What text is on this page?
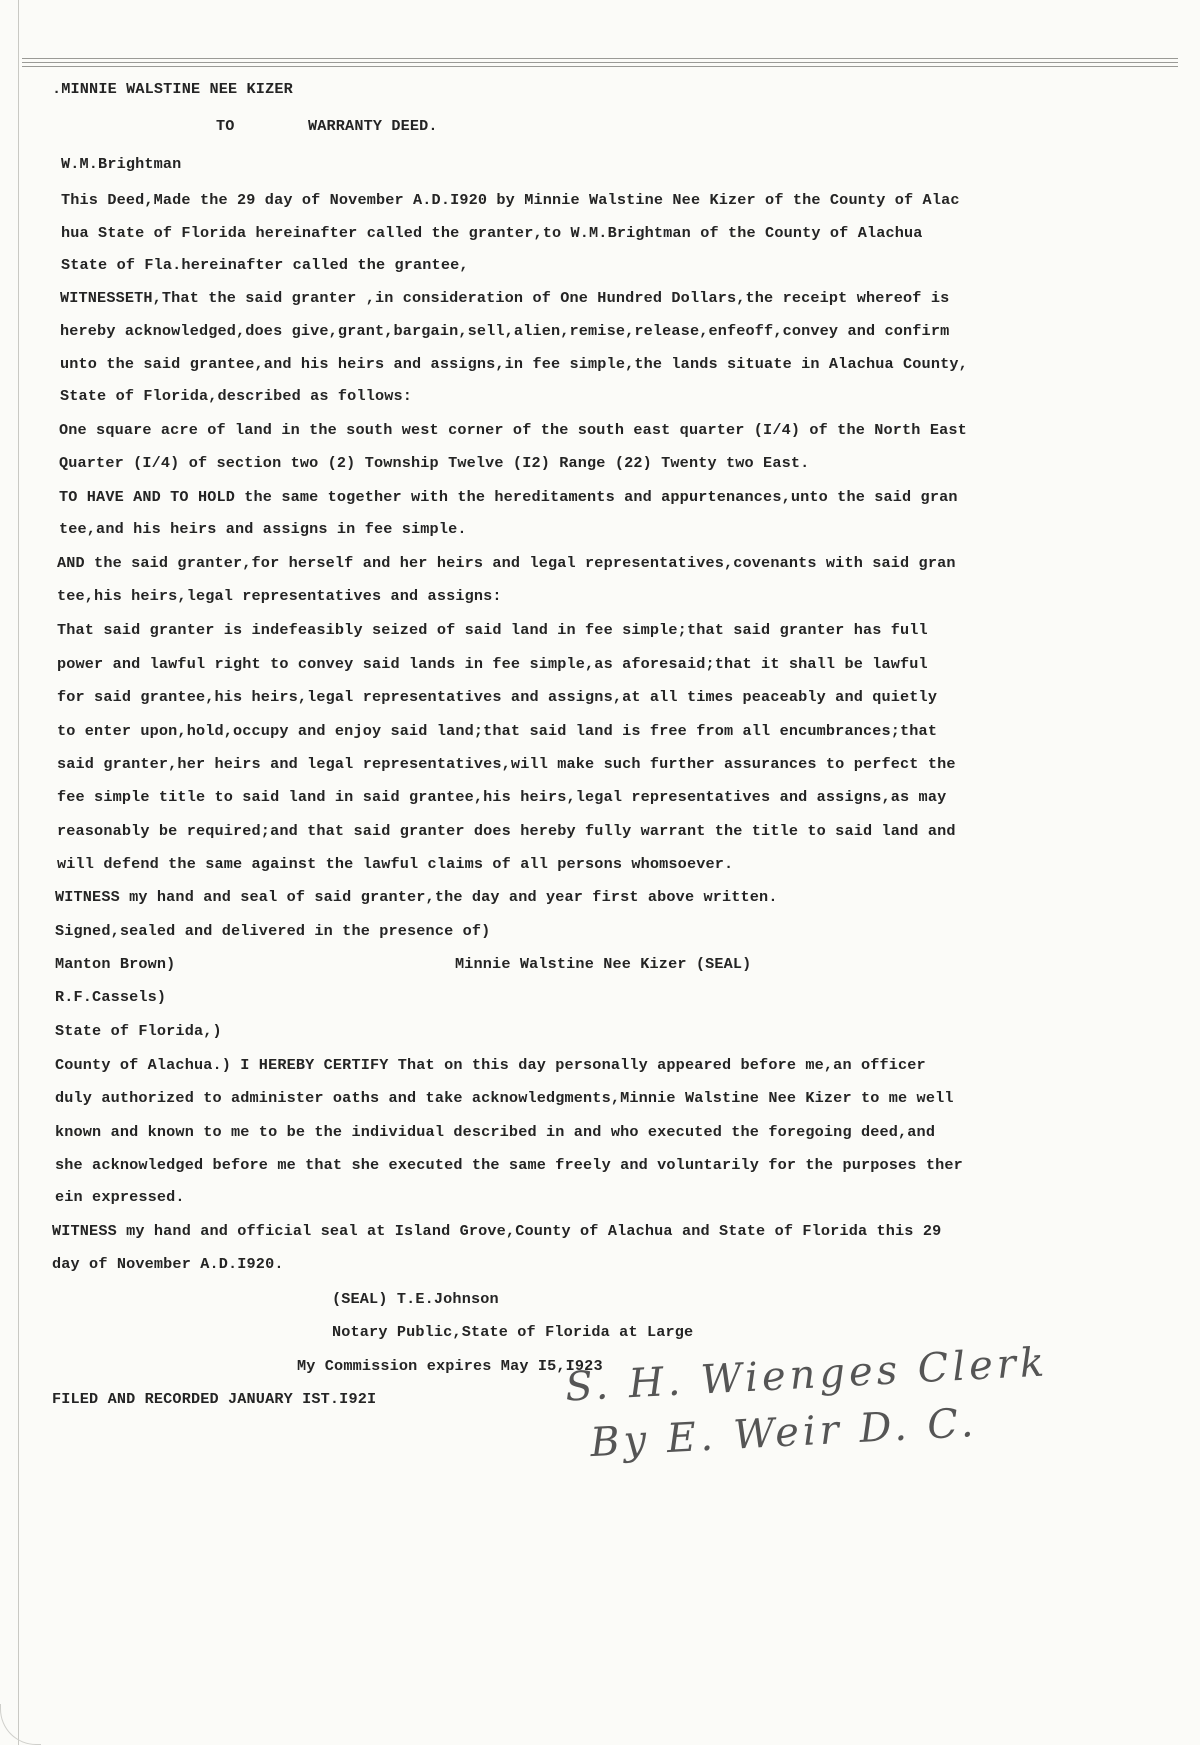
.MINNIE WALSTINE NEE KIZER
TO	WARRANTY DEED.
W.M.Brightman
This Deed,Made the 29 day of November A.D.I920 by Minnie Walstine Nee Kizer of the County of Alac
hua State of Florida hereinafter called the granter,to W.M.Brightman of the County of Alachua
State of Fla.hereinafter called the grantee,
WITNESSETH,That the said granter ,in consideration of One Hundred Dollars,the receipt whereof is
hereby acknowledged,does give,grant,bargain,sell,alien,remise,release,enfeoff,convey and confirm
unto the said grantee,and his heirs and assigns,in fee simple,the lands situate in Alachua County,
State of Florida,described as follows:
One square acre of land in the south west corner of the south east quarter (I/4) of the North East
Quarter (I/4) of section two (2) Township Twelve (I2) Range (22) Twenty two East.
TO HAVE AND TO HOLD the same together with the hereditaments and appurtenances,unto the said gran
tee,and his heirs and assigns in fee simple.
AND the said granter,for herself and her heirs and legal representatives,covenants with said gran
tee,his heirs,legal representatives and assigns:
That said granter is indefeasibly seized of said land in fee simple;that said granter has full
power and lawful right to convey said lands in fee simple,as aforesaid;that it shall be lawful
for said grantee,his heirs,legal representatives and assigns,at all times peaceably and quietly
to enter upon,hold,occupy and enjoy said land;that said land is free from all encumbrances;that
said granter,her heirs and legal representatives,will make such further assurances to perfect the
fee simple title to said land in said grantee,his heirs,legal representatives and assigns,as may
reasonably be required;and that said granter does hereby fully warrant the title to said land and
will defend the same against the lawful claims of all persons whomsoever.
WITNESS my hand and seal of said granter,the day and year first above written.
Signed,sealed and delivered in the presence of)
Manton Brown)	Minnie Walstine Nee Kizer (SEAL)
R.F.Cassels)
State of Florida,)
County of Alachua.) I HEREBY CERTIFY That on this day personally appeared before me,an officer
duly authorized to administer oaths and take acknowledgments,Minnie Walstine Nee Kizer to me well
known and known to me to be the individual described in and who executed the foregoing deed,and
she acknowledged before me that she executed the same freely and voluntarily for the purposes ther
ein expressed.
WITNESS my hand and official seal at Island Grove,County of Alachua and State of Florida this 29
day of November A.D.I920.
(SEAL) T.E.Johnson
Notary Public,State of Florida at Large
My Commission expires May I5,I923
FILED AND RECORDED JANUARY IST.I92I	S. H. Wienges Clerk
By E. Weir D. C.
